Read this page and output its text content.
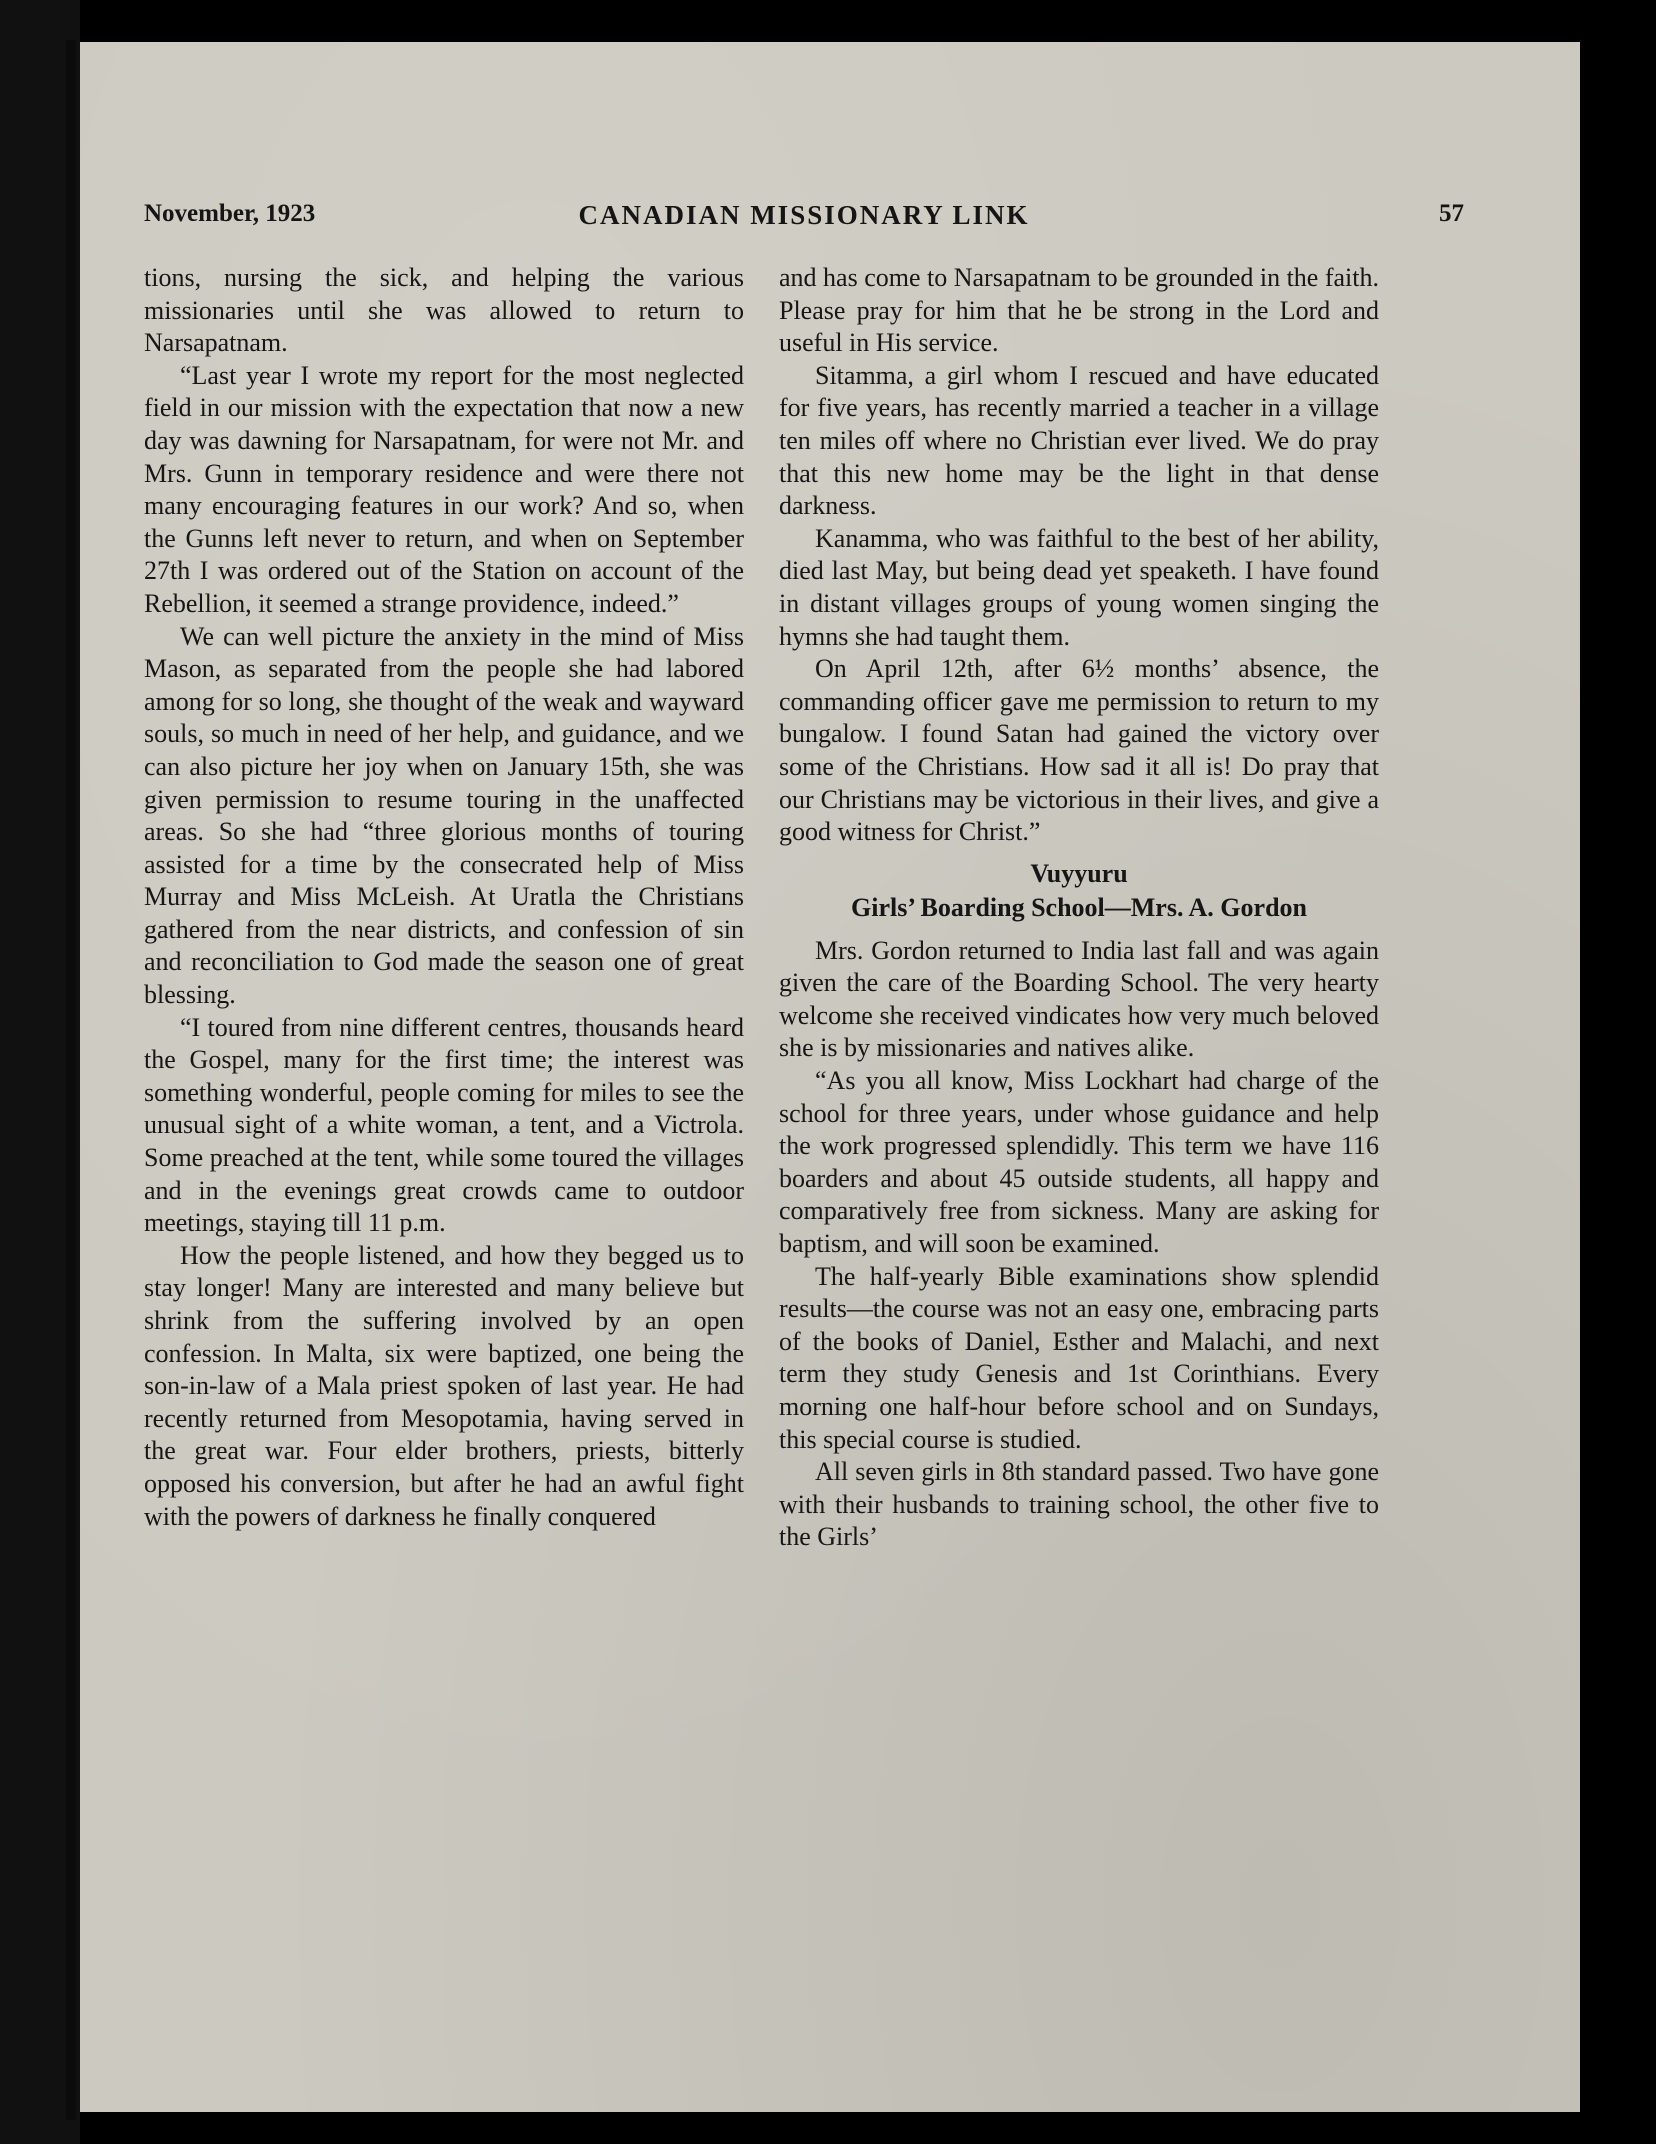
November, 1923	CANADIAN MISSIONARY LINK	57

tions, nursing the sick, and helping the various missionaries until she was allowed to return to Narsapatnam.

“Last year I wrote my report for the most neglected field in our mission with the expectation that now a new day was dawning for Narsapatnam, for were not Mr. and Mrs. Gunn in temporary residence and were there not many encouraging features in our work? And so, when the Gunns left never to return, and when on September 27th I was ordered out of the Station on account of the Rebellion, it seemed a strange providence, indeed.”

We can well picture the anxiety in the mind of Miss Mason, as separated from the people she had labored among for so long, she thought of the weak and wayward souls, so much in need of her help, and guidance, and we can also picture her joy when on January 15th, she was given permission to resume touring in the unaffected areas. So she had “three glorious months of touring assisted for a time by the consecrated help of Miss Murray and Miss McLeish. At Uratla the Christians gathered from the near districts, and confession of sin and reconciliation to God made the season one of great blessing.

“I toured from nine different centres, thousands heard the Gospel, many for the first time; the interest was something wonderful, people coming for miles to see the unusual sight of a white woman, a tent, and a Victrola. Some preached at the tent, while some toured the villages and in the evenings great crowds came to outdoor meetings, staying till 11 p.m.

How the people listened, and how they begged us to stay longer! Many are interested and many believe but shrink from the suffering involved by an open confession. In Malta, six were baptized, one being the son-in-law of a Mala priest spoken of last year. He had recently returned from Mesopotamia, having served in the great war. Four elder brothers, priests, bitterly opposed his conversion, but after he had an awful fight with the powers of darkness he finally conquered

and has come to Narsapatnam to be grounded in the faith. Please pray for him that he be strong in the Lord and useful in His service.

Sitamma, a girl whom I rescued and have educated for five years, has recently married a teacher in a village ten miles off where no Christian ever lived. We do pray that this new home may be the light in that dense darkness.

Kanamma, who was faithful to the best of her ability, died last May, but being dead yet speaketh. I have found in distant villages groups of young women singing the hymns she had taught them.

On April 12th, after 6½ months’ absence, the commanding officer gave me permission to return to my bungalow. I found Satan had gained the victory over some of the Christians. How sad it all is! Do pray that our Christians may be victorious in their lives, and give a good witness for Christ.”

Vuyyuru
Girls’ Boarding School—Mrs. A. Gordon

Mrs. Gordon returned to India last fall and was again given the care of the Boarding School. The very hearty welcome she received vindicates how very much beloved she is by missionaries and natives alike.

“As you all know, Miss Lockhart had charge of the school for three years, under whose guidance and help the work progressed splendidly. This term we have 116 boarders and about 45 outside students, all happy and comparatively free from sickness. Many are asking for baptism, and will soon be examined.

The half-yearly Bible examinations show splendid results—the course was not an easy one, embracing parts of the books of Daniel, Esther and Malachi, and next term they study Genesis and 1st Corinthians. Every morning one half-hour before school and on Sundays, this special course is studied.

All seven girls in 8th standard passed. Two have gone with their husbands to training school, the other five to the Girls’
